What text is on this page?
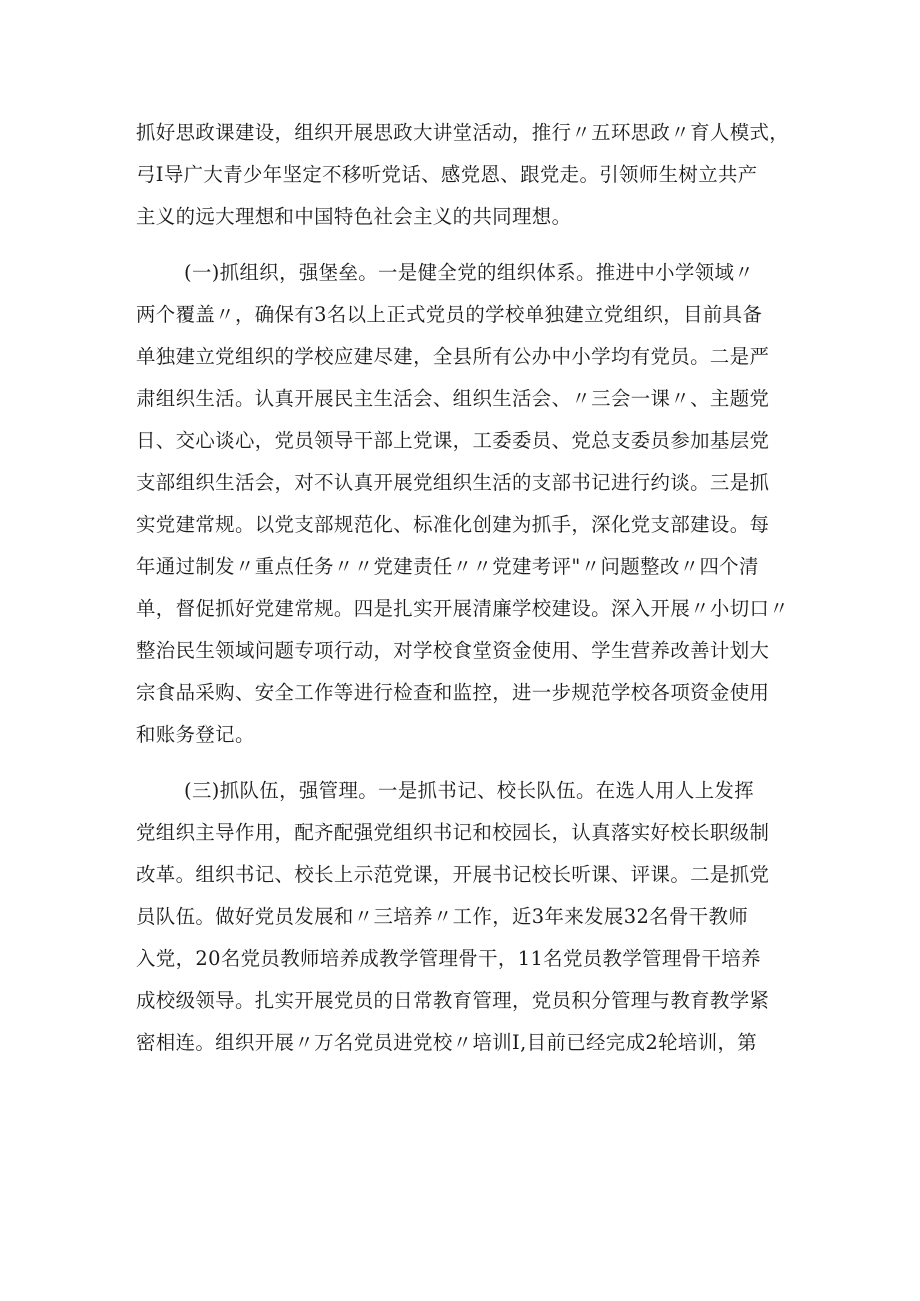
抓好思政课建设，组织开展思政大讲堂活动，推行〃五环思政〃育人模式，
弓I导广大青少年坚定不移听党话、感党恩、跟党走。引领师生树立共产
主义的远大理想和中国特色社会主义的共同理想。
(一)抓组织，强堡垒。一是健全党的组织体系。推进中小学领域〃
两个覆盖〃，确保有3名以上正式党员的学校单独建立党组织，目前具备
单独建立党组织的学校应建尽建，全县所有公办中小学均有党员。二是严
肃组织生活。认真开展民主生活会、组织生活会、〃三会一课〃、主题党
日、交心谈心，党员领导干部上党课，工委委员、党总支委员参加基层党
支部组织生活会，对不认真开展党组织生活的支部书记进行约谈。三是抓
实党建常规。以党支部规范化、标准化创建为抓手，深化党支部建设。每
年通过制发〃重点任务〃〃党建责任〃〃党建考评"〃问题整改〃四个清
单，督促抓好党建常规。四是扎实开展清廉学校建设。深入开展〃小切口〃
整治民生领域问题专项行动，对学校食堂资金使用、学生营养改善计划大
宗食品采购、安全工作等进行检查和监控，进一步规范学校各项资金使用
和账务登记。
(三)抓队伍，强管理。一是抓书记、校长队伍。在选人用人上发挥
党组织主导作用，配齐配强党组织书记和校园长，认真落实好校长职级制
改革。组织书记、校长上示范党课，开展书记校长听课、评课。二是抓党
员队伍。做好党员发展和〃三培养〃工作，近3年来发展32名骨干教师
入党，20名党员教师培养成教学管理骨干，11名党员教学管理骨干培养
成校级领导。扎实开展党员的日常教育管理，党员积分管理与教育教学紧
密相连。组织开展〃万名党员进党校〃培训I,目前已经完成2轮培训，第
